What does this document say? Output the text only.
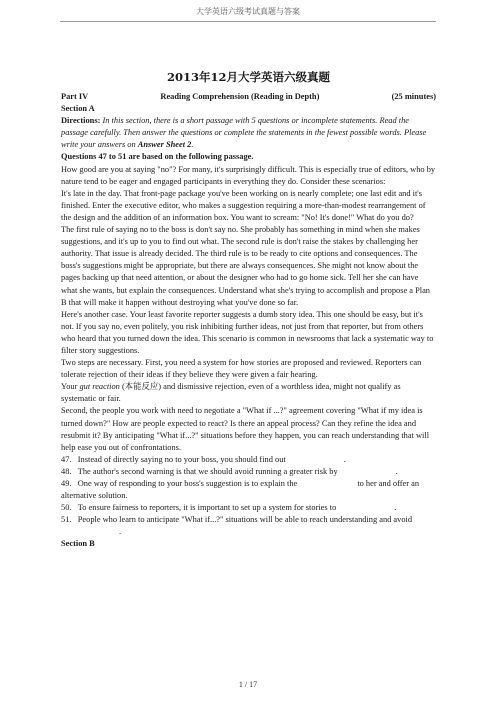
大学英语六级考试真题与答案
2013年12月大学英语六级真题
Part IV	Reading Comprehension (Reading in Depth)	(25 minutes)

Section A

Directions: In this section, there is a short passage with 5 questions or incomplete statements. Read the passage carefully. Then answer the questions or complete the statements in the fewest possible words. Please write your answers on Answer Sheet 2.

Questions 47 to 51 are based on the following passage.

How good are you at saying "no"? For many, it's surprisingly difficult. This is especially true of editors, who by nature tend to be eager and engaged participants in everything they do. Consider these scenarios:

It's late in the day. That front-page package you've been working on is nearly complete; one last edit and it's finished. Enter the executive editor, who makes a suggestion requiring a more-than-modest rearrangement of the design and the addition of an information box. You want to scream: "No! It's done!" What do you do?

The first rule of saying no to the boss is don't say no. She probably has something in mind when she makes suggestions, and it's up to you to find out what. The second rule is don't raise the stakes by challenging her authority. That issue is already decided. The third rule is to be ready to cite options and consequences. The boss's suggestions might be appropriate, but there are always consequences. She might not know about the pages backing up that need attention, or about the designer who had to go home sick. Tell her she can have what she wants, but explain the consequences. Understand what she's trying to accomplish and propose a Plan B that will make it happen without destroying what you've done so far.

Here's another case. Your least favorite reporter suggests a dumb story idea. This one should be easy, but it's not. If you say no, even politely, you risk inhibiting further ideas, not just from that reporter, but from others who heard that you turned down the idea. This scenario is common in newsrooms that lack a systematic way to filter story suggestions.

Two steps are necessary. First, you need a system for how stories are proposed and reviewed. Reporters can tolerate rejection of their ideas if they believe they were given a fair hearing.

Your gut reaction (本能反应) and dismissive rejection, even of a worthless idea, might not qualify as systematic or fair.

Second, the people you work with need to negotiate a "What if ...?" agreement covering "What if my idea is turned down?" How are people expected to react? Is there an appeal process? Can they refine the idea and resubmit it? By anticipating "What if...?" situations before they happen, you can reach understanding that will help ease you out of confrontations.

47. Instead of directly saying no to your boss, you should find out	.

48. The author's second warning is that we should avoid running a greater risk by	.

49. One way of responding to your boss's suggestion is to explain the	to her and offer an alternative solution.

50. To ensure fairness to reporters, it is important to set up a system for stories to	.

51. People who learn to anticipate "What if...?" situations will be able to reach understanding and avoid.

Section B

1 / 17
